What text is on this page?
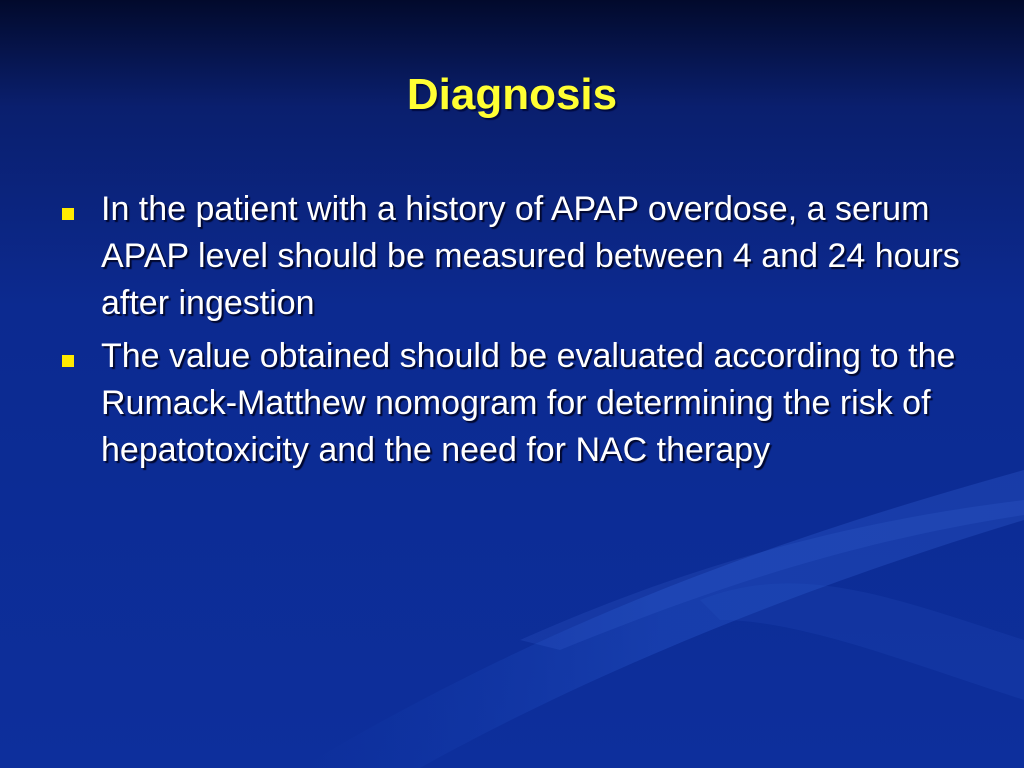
Diagnosis
In the patient with a history of APAP overdose, a serum APAP level should be measured between 4 and 24 hours after ingestion
The value obtained should be evaluated according to the Rumack-Matthew nomogram for determining the risk of hepatotoxicity and the need for NAC therapy
